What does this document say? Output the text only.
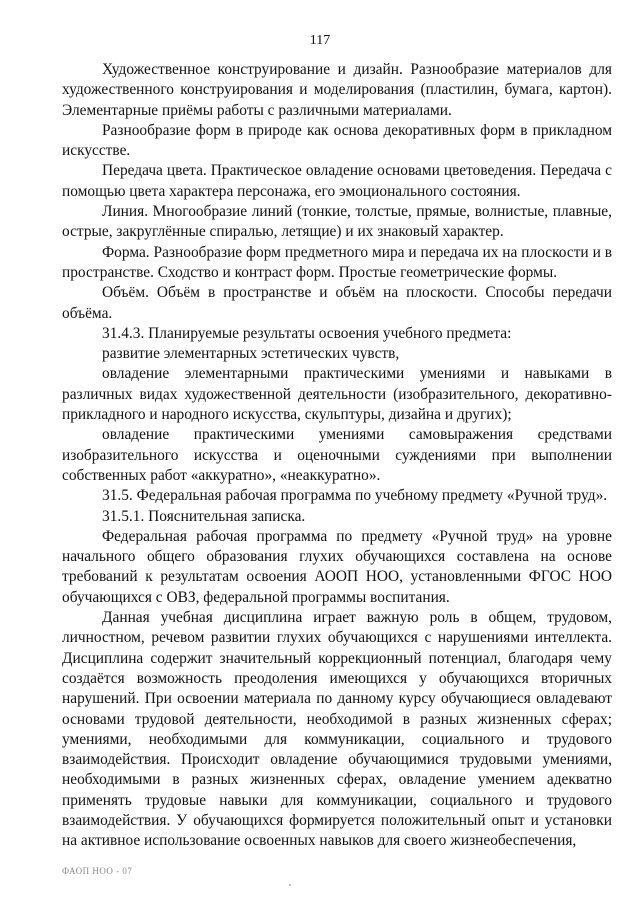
117

Художественное конструирование и дизайн. Разнообразие материалов для художественного конструирования и моделирования (пластилин, бумага, картон). Элементарные приёмы работы с различными материалами.

Разнообразие форм в природе как основа декоративных форм в прикладном искусстве.

Передача цвета. Практическое овладение основами цветоведения. Передача с помощью цвета характера персонажа, его эмоционального состояния.

Линия. Многообразие линий (тонкие, толстые, прямые, волнистые, плавные, острые, закруглённые спиралью, летящие) и их знаковый характер.

Форма. Разнообразие форм предметного мира и передача их на плоскости и в пространстве. Сходство и контраст форм. Простые геометрические формы.

Объём. Объём в пространстве и объём на плоскости. Способы передачи объёма.

31.4.3. Планируемые результаты освоения учебного предмета:

развитие элементарных эстетических чувств,

овладение элементарными практическими умениями и навыками в различных видах художественной деятельности (изобразительного, декоративно-прикладного и народного искусства, скульптуры, дизайна и других);

овладение практическими умениями самовыражения средствами изобразительного искусства и оценочными суждениями при выполнении собственных работ «аккуратно», «неаккуратно».

31.5. Федеральная рабочая программа по учебному предмету «Ручной труд».

31.5.1. Пояснительная записка.

Федеральная рабочая программа по предмету «Ручной труд» на уровне начального общего образования глухих обучающихся составлена на основе требований к результатам освоения АООП НОО, установленными ФГОС НОО обучающихся с ОВЗ, федеральной программы воспитания.

Данная учебная дисциплина играет важную роль в общем, трудовом, личностном, речевом развитии глухих обучающихся с нарушениями интеллекта. Дисциплина содержит значительный коррекционный потенциал, благодаря чему создаётся возможность преодоления имеющихся у обучающихся вторичных нарушений. При освоении материала по данному курсу обучающиеся овладевают основами трудовой деятельности, необходимой в разных жизненных сферах; умениями, необходимыми для коммуникации, социального и трудового взаимодействия. Происходит овладение обучающимися трудовыми умениями, необходимыми в разных жизненных сферах, овладение умением адекватно применять трудовые навыки для коммуникации, социального и трудового взаимодействия. У обучающихся формируется положительный опыт и установки на активное использование освоенных навыков для своего жизнеобеспечения,

ФАОП НОО - 07
